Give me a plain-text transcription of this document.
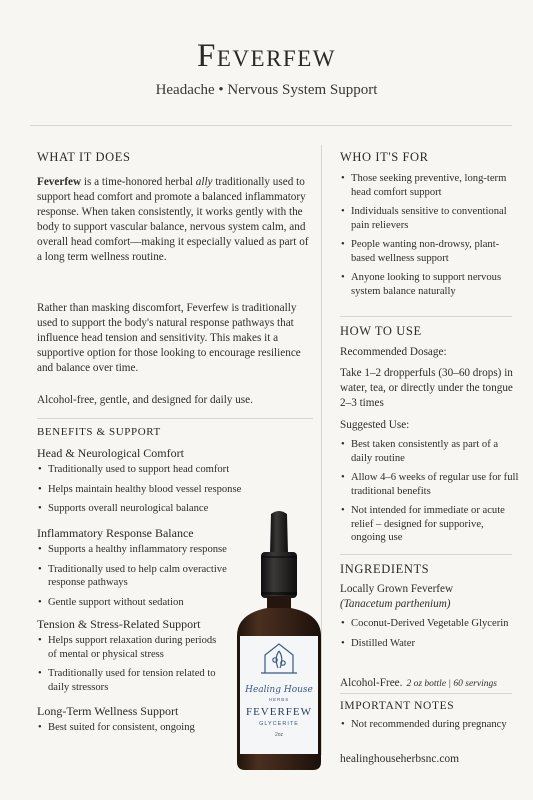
Feverfew
Headache • Nervous System Support
WHAT IT DOES
Feverfew is a time-honored herbal ally traditionally used to support head comfort and promote a balanced inflammatory response. When taken consistently, it works gently with the body to support vascular balance, nervous system calm, and overall head comfort—making it especially valued as part of a long term wellness routine.
Rather than masking discomfort, Feverfew is traditionally used to support the body's natural response pathways that influence head tension and sensitivity. This makes it a supportive option for those looking to encourage resilience and balance over time.
Alcohol-free, gentle, and designed for daily use.
BENEFITS & SUPPORT
Head & Neurological Comfort
• Traditionally used to support head comfort
• Helps maintain healthy blood vessel response
• Supports overall neurological balance
Inflammatory Response Balance
• Supports a healthy inflammatory response
• Traditionally used to help calm overactive response pathways
• Gentle support without sedation
Tension & Stress-Related Support
• Helps support relaxation during periods of mental or physical stress
• Traditionally used for tension related to daily stressors
Long-Term Wellness Support
• Best suited for consistent, ongoing
WHO IT'S FOR
• Those seeking preventive, long-term head comfort support
• Individuals sensitive to conventional pain relievers
• People wanting non-drowsy, plant-based wellness support
• Anyone looking to support nervous system balance naturally
HOW TO USE
Recommended Dosage:
Take 1–2 dropperfuls (30–60 drops) in water, tea, or directly under the tongue 2–3 times
Suggested Use:
• Best taken consistently as part of a daily routine
• Allow 4–6 weeks of regular use for full traditional benefits
• Not intended for immediate or acute relief – designed for supporive, ongoing use
INGREDIENTS
Locally Grown Feverfew
(Tanacetum parthenium)
• Coconut-Derived Vegetable Glycerin
• Distilled Water
Alcohol-Free. 2 oz bottle | 60 servings
IMPORTANT NOTES
• Not recommended during pregnancy
healinghouseherbsnc.com
Healing House
HERBS
FEVERFEW
GLYCERITE
2oz
